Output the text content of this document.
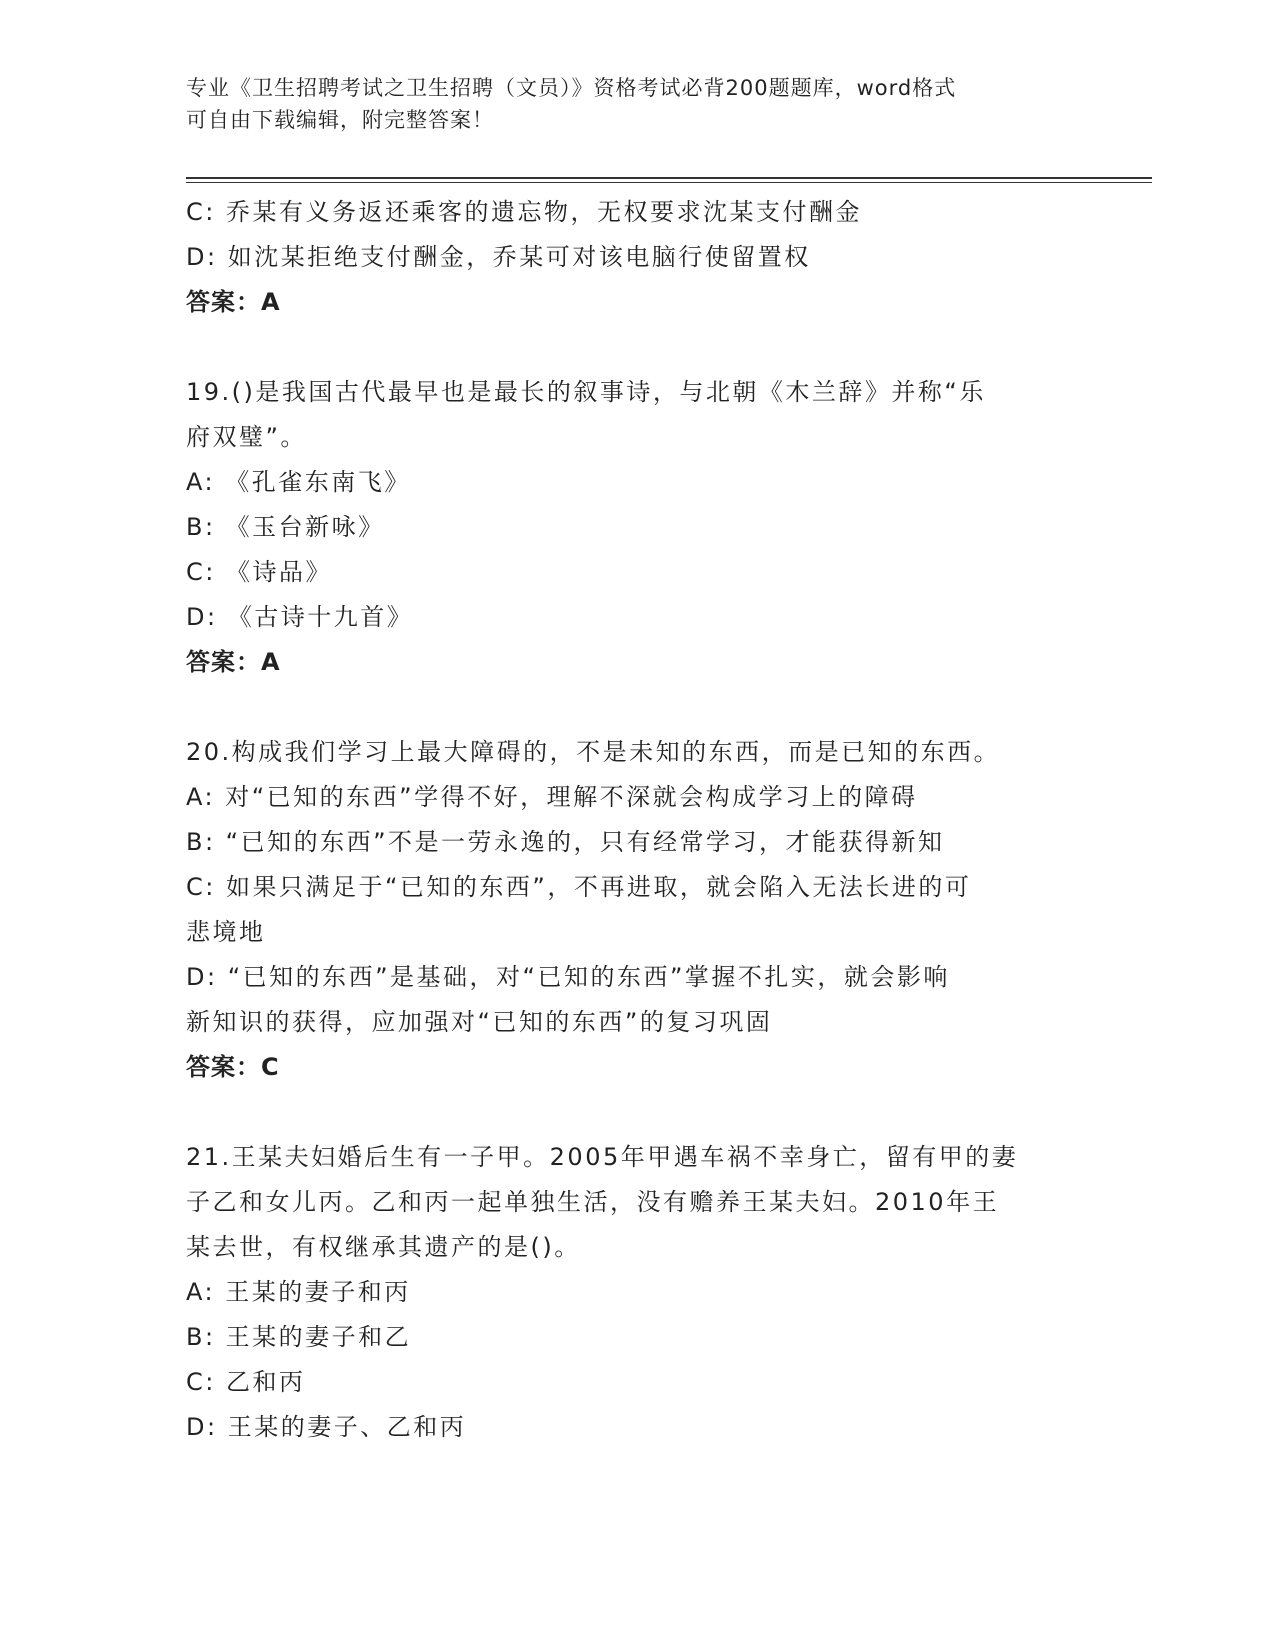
专业《卫生招聘考试之卫生招聘（文员）》资格考试必背200题题库，word格式
可自由下载编辑，附完整答案！
C: 乔某有义务返还乘客的遗忘物，无权要求沈某支付酬金
D: 如沈某拒绝支付酬金，乔某可对该电脑行使留置权
答案：A
19.()是我国古代最早也是最长的叙事诗，与北朝《木兰辞》并称“乐
府双璧”。
A: 《孔雀东南飞》
B: 《玉台新咏》
C: 《诗品》
D: 《古诗十九首》
答案：A
20.构成我们学习上最大障碍的，不是未知的东西，而是已知的东西。
A: 对“已知的东西”学得不好，理解不深就会构成学习上的障碍
B: “已知的东西”不是一劳永逸的，只有经常学习，才能获得新知
C: 如果只满足于“已知的东西”，不再进取，就会陷入无法长进的可
悲境地
D: “已知的东西”是基础，对“已知的东西”掌握不扎实，就会影响
新知识的获得，应加强对“已知的东西”的复习巩固
答案：C
21.王某夫妇婚后生有一子甲。2005年甲遇车祸不幸身亡，留有甲的妻
子乙和女儿丙。乙和丙一起单独生活，没有赡养王某夫妇。2010年王
某去世，有权继承其遗产的是()。
A: 王某的妻子和丙
B: 王某的妻子和乙
C: 乙和丙
D: 王某的妻子、乙和丙
